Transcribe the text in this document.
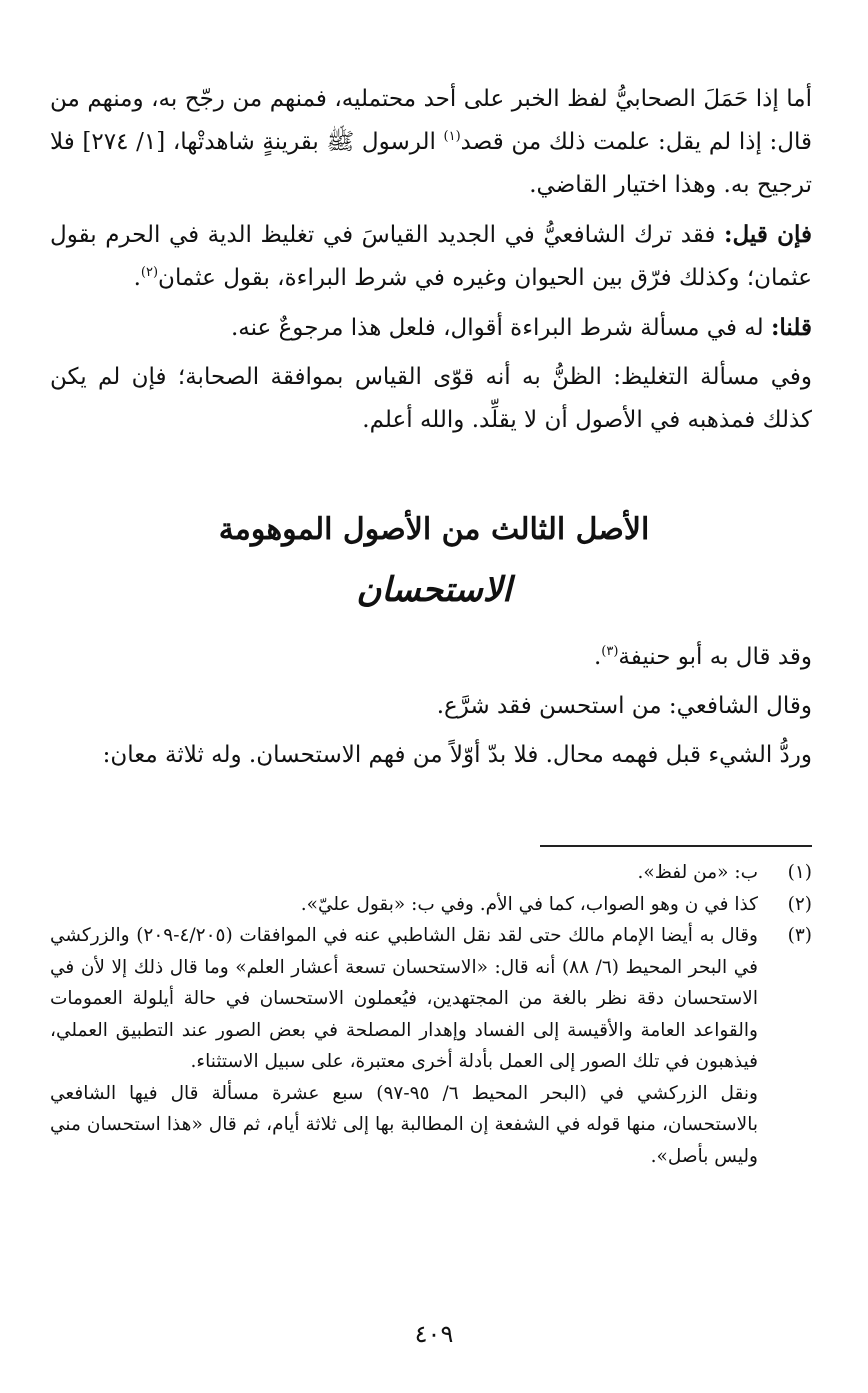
أما إذا حَمَلَ الصحابيُّ لفظ الخبر على أحد محتمليه، فمنهم من رجّح به، ومنهم من قال: إذا لم يقل: علمت ذلك من قصد$^{(١)}$ الرسول ﷺ بقرينةٍ شاهدتْها، [١/ ٢٧٤] فلا ترجيح به. وهذا اختيار القاضي.

فإن قيل: فقد ترك الشافعيُّ في الجديد القياسَ في تغليظ الدية في الحرم بقول عثمان؛ وكذلك فرّق بين الحيوان وغيره في شرط البراءة، بقول عثمان$^{(٢)}$.

قلنا: له في مسألة شرط البراءة أقوال، فلعل هذا مرجوعٌ عنه.

وفي مسألة التغليظ: الظنُّ به أنه قوّى القياس بموافقة الصحابة؛ فإن لم يكن كذلك فمذهبه في الأصول أن لا يقلِّد. والله أعلم.

الأصل الثالث من الأصول الموهومة
الاستحسان

وقد قال به أبو حنيفة$^{(٣)}$.

وقال الشافعي: من استحسن فقد شرَّع.

وردُّ الشيء قبل فهمه محال. فلا بدّ أوّلاً من فهم الاستحسان. وله ثلاثة معان:

(١)
ب: «من لفظ».
(٢)
كذا في ن وهو الصواب، كما في الأم. وفي ب: «بقول عليّ».
(٣)
وقال به أيضا الإمام مالك حتى لقد نقل الشاطبي عنه في الموافقات (٤/٢٠٥-٢٠٩) والزركشي في البحر المحيط (٦/ ٨٨) أنه قال: «الاستحسان تسعة أعشار العلم» وما قال ذلك إلا لأن في الاستحسان دقة نظر بالغة من المجتهدين، فيُعملون الاستحسان في حالة أيلولة العمومات والقواعد العامة والأقيسة إلى الفساد وإهدار المصلحة في بعض الصور عند التطبيق العملي، فيذهبون في تلك الصور إلى العمل بأدلة أخرى معتبرة، على سبيل الاستثناء.
ونقل الزركشي في (البحر المحيط ٦/ ٩٥-٩٧) سبع عشرة مسألة قال فيها الشافعي بالاستحسان، منها قوله في الشفعة إن المطالبة بها إلى ثلاثة أيام، ثم قال «هذا استحسان مني وليس بأصل».
٤٠٩
